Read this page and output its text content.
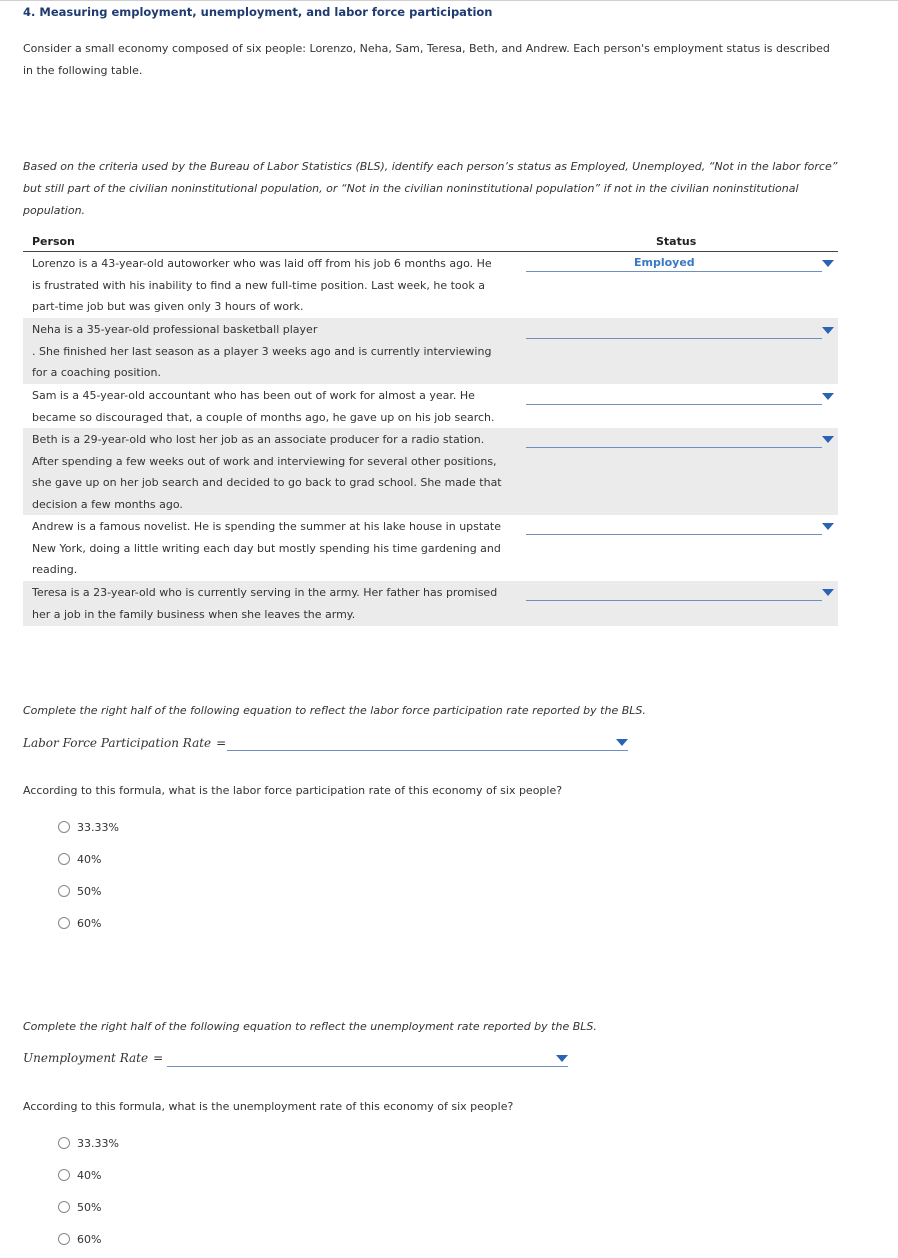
4. Measuring employment, unemployment, and labor force participation
Consider a small economy composed of six people: Lorenzo, Neha, Sam, Teresa, Beth, and Andrew. Each person's employment status is described in the following table.
Based on the criteria used by the Bureau of Labor Statistics (BLS), identify each person’s status as Employed, Unemployed, “Not in the labor force” but still part of the civilian noninstitutional population, or “Not in the civilian noninstitutional population” if not in the civilian noninstitutional population.
Person	Status
Lorenzo is a 43-year-old autoworker who was laid off from his job 6 months ago. He is frustrated with his inability to find a new full-time position. Last week, he took a part-time job but was given only 3 hours of work.
Employed
Neha is a 35-year-old professional basketball player
. She finished her last season as a player 3 weeks ago and is currently interviewing for a coaching position.
Sam is a 45-year-old accountant who has been out of work for almost a year. He became so discouraged that, a couple of months ago, he gave up on his job search.
Beth is a 29-year-old who lost her job as an associate producer for a radio station. After spending a few weeks out of work and interviewing for several other positions, she gave up on her job search and decided to go back to grad school. She made that decision a few months ago.
Andrew is a famous novelist. He is spending the summer at his lake house in upstate New York, doing a little writing each day but mostly spending his time gardening and reading.
Teresa is a 23-year-old who is currently serving in the army. Her father has promised her a job in the family business when she leaves the army.
Complete the right half of the following equation to reflect the labor force participation rate reported by the BLS.
Labor Force Participation Rate =
According to this formula, what is the labor force participation rate of this economy of six people?
33.33%
40%
50%
60%
Complete the right half of the following equation to reflect the unemployment rate reported by the BLS.
Unemployment Rate =
According to this formula, what is the unemployment rate of this economy of six people?
33.33%
40%
50%
60%
